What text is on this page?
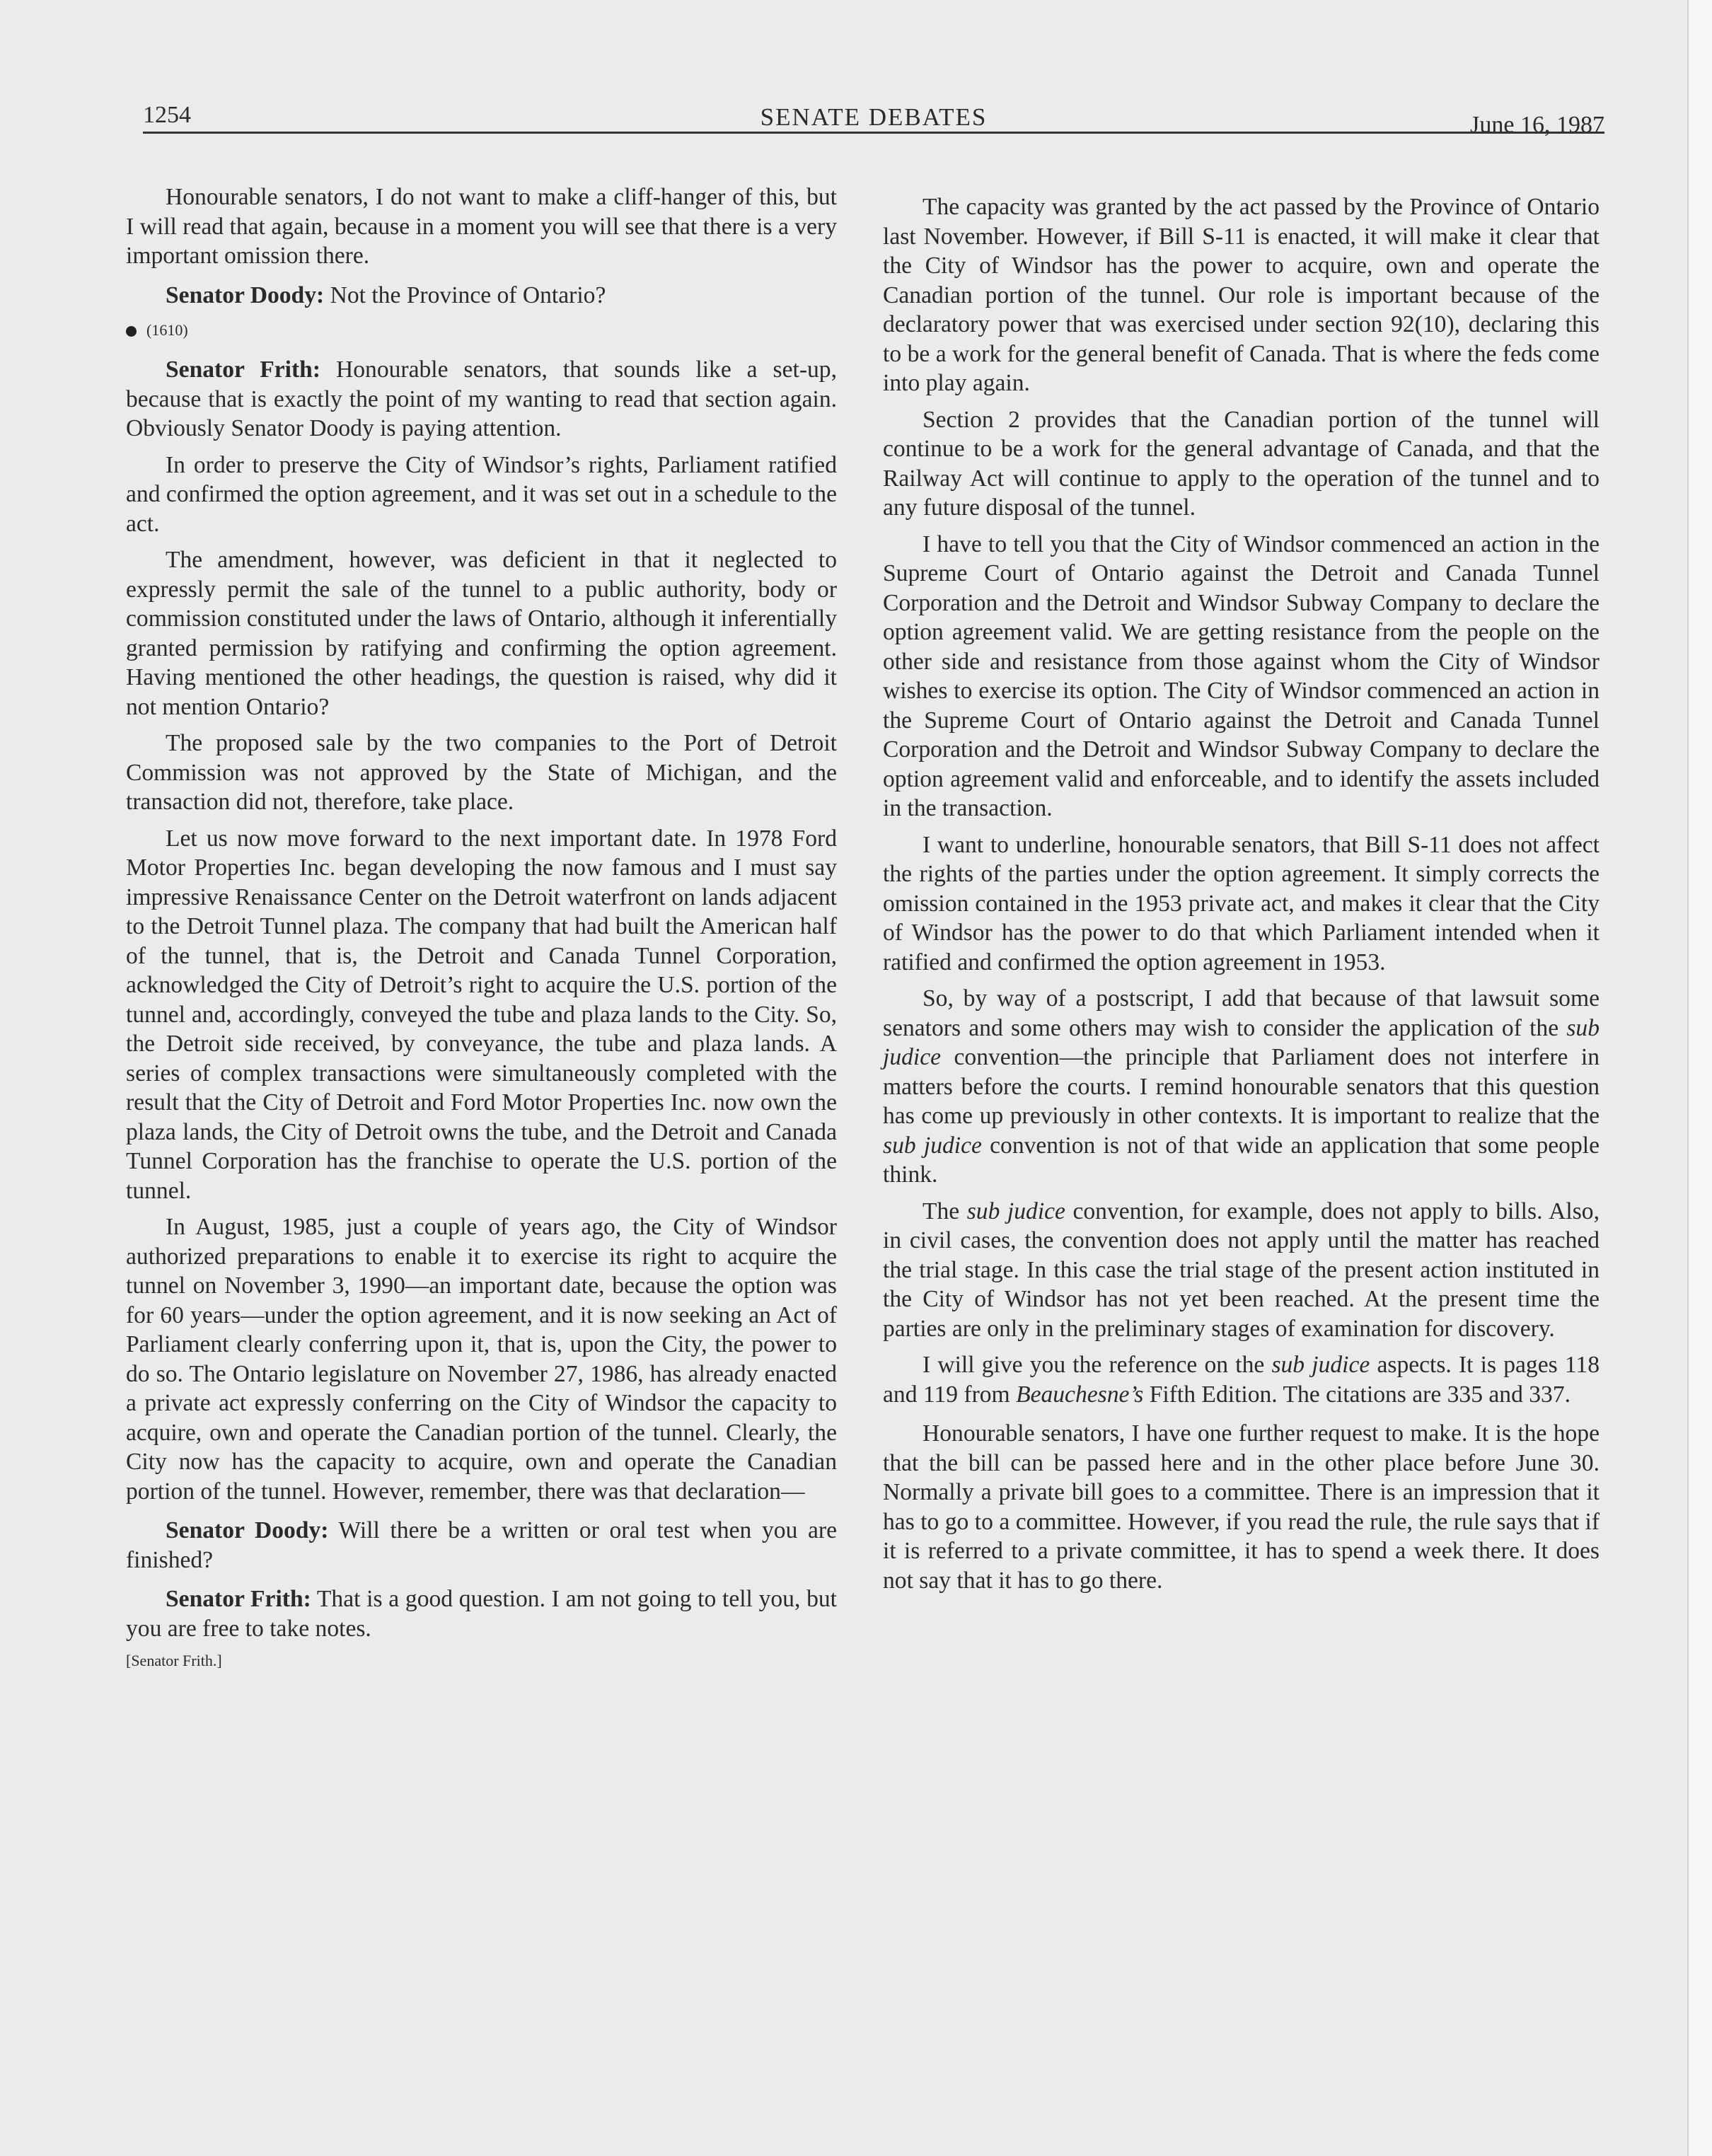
1254	SENATE DEBATES	June 16, 1987

Honourable senators, I do not want to make a cliff-hanger of this, but I will read that again, because in a moment you will see that there is a very important omission there.

Senator Doody: Not the Province of Ontario?

(1610)

Senator Frith: Honourable senators, that sounds like a set-up, because that is exactly the point of my wanting to read that section again. Obviously Senator Doody is paying attention.

In order to preserve the City of Windsor’s rights, Parliament ratified and confirmed the option agreement, and it was set out in a schedule to the act.

The amendment, however, was deficient in that it neglected to expressly permit the sale of the tunnel to a public authority, body or commission constituted under the laws of Ontario, although it inferentially granted permission by ratifying and confirming the option agreement. Having mentioned the other headings, the question is raised, why did it not mention Ontario?

The proposed sale by the two companies to the Port of Detroit Commission was not approved by the State of Michigan, and the transaction did not, therefore, take place.

Let us now move forward to the next important date. In 1978 Ford Motor Properties Inc. began developing the now famous and I must say impressive Renaissance Center on the Detroit waterfront on lands adjacent to the Detroit Tunnel plaza. The company that had built the American half of the tunnel, that is, the Detroit and Canada Tunnel Corporation, acknowledged the City of Detroit’s right to acquire the U.S. portion of the tunnel and, accordingly, conveyed the tube and plaza lands to the City. So, the Detroit side received, by conveyance, the tube and plaza lands. A series of complex transactions were simultaneously completed with the result that the City of Detroit and Ford Motor Properties Inc. now own the plaza lands, the City of Detroit owns the tube, and the Detroit and Canada Tunnel Corporation has the franchise to operate the U.S. portion of the tunnel.

In August, 1985, just a couple of years ago, the City of Windsor authorized preparations to enable it to exercise its right to acquire the tunnel on November 3, 1990—an important date, because the option was for 60 years—under the option agreement, and it is now seeking an Act of Parliament clearly conferring upon it, that is, upon the City, the power to do so. The Ontario legislature on November 27, 1986, has already enacted a private act expressly conferring on the City of Windsor the capacity to acquire, own and operate the Canadian portion of the tunnel. Clearly, the City now has the capacity to acquire, own and operate the Canadian portion of the tunnel. However, remember, there was that declaration—

Senator Doody: Will there be a written or oral test when you are finished?

Senator Frith: That is a good question. I am not going to tell you, but you are free to take notes.

[Senator Frith.]

The capacity was granted by the act passed by the Province of Ontario last November. However, if Bill S-11 is enacted, it will make it clear that the City of Windsor has the power to acquire, own and operate the Canadian portion of the tunnel. Our role is important because of the declaratory power that was exercised under section 92(10), declaring this to be a work for the general benefit of Canada. That is where the feds come into play again.

Section 2 provides that the Canadian portion of the tunnel will continue to be a work for the general advantage of Canada, and that the Railway Act will continue to apply to the operation of the tunnel and to any future disposal of the tunnel.

I have to tell you that the City of Windsor commenced an action in the Supreme Court of Ontario against the Detroit and Canada Tunnel Corporation and the Detroit and Windsor Subway Company to declare the option agreement valid. We are getting resistance from the people on the other side and resistance from those against whom the City of Windsor wishes to exercise its option. The City of Windsor commenced an action in the Supreme Court of Ontario against the Detroit and Canada Tunnel Corporation and the Detroit and Windsor Subway Company to declare the option agreement valid and enforceable, and to identify the assets included in the transaction.

I want to underline, honourable senators, that Bill S-11 does not affect the rights of the parties under the option agreement. It simply corrects the omission contained in the 1953 private act, and makes it clear that the City of Windsor has the power to do that which Parliament intended when it ratified and confirmed the option agreement in 1953.

So, by way of a postscript, I add that because of that lawsuit some senators and some others may wish to consider the application of the sub judice convention—the principle that Parliament does not interfere in matters before the courts. I remind honourable senators that this question has come up previously in other contexts. It is important to realize that the sub judice convention is not of that wide an application that some people think.

The sub judice convention, for example, does not apply to bills. Also, in civil cases, the convention does not apply until the matter has reached the trial stage. In this case the trial stage of the present action instituted in the City of Windsor has not yet been reached. At the present time the parties are only in the preliminary stages of examination for discovery.

I will give you the reference on the sub judice aspects. It is pages 118 and 119 from Beauchesne’s Fifth Edition. The citations are 335 and 337.

Honourable senators, I have one further request to make. It is the hope that the bill can be passed here and in the other place before June 30. Normally a private bill goes to a committee. There is an impression that it has to go to a committee. However, if you read the rule, the rule says that if it is referred to a private committee, it has to spend a week there. It does not say that it has to go there.
